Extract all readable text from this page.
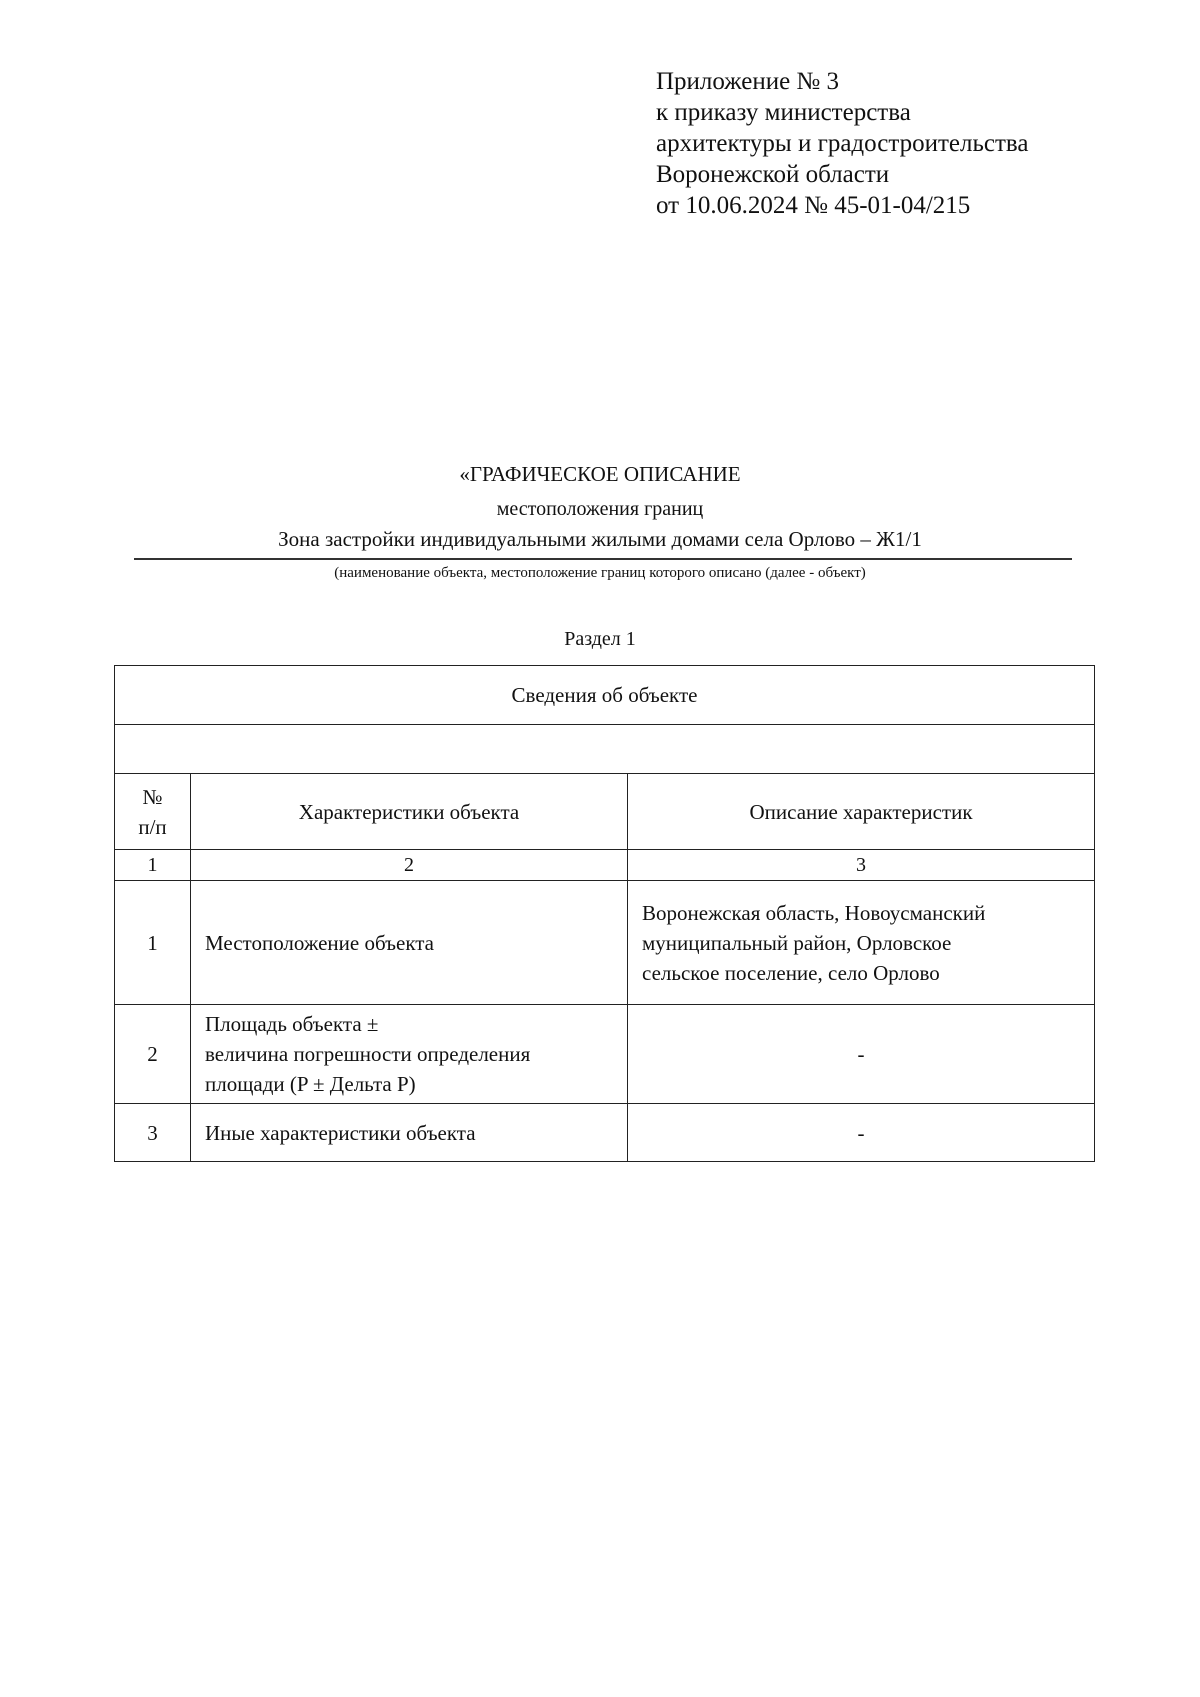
Приложение № 3
к приказу министерства
архитектуры и градостроительства
Воронежской области
от 10.06.2024 № 45-01-04/215
«ГРАФИЧЕСКОЕ ОПИСАНИЕ
местоположения границ
Зона застройки индивидуальными жилыми домами села Орлово – Ж1/1
(наименование объекта, местоположение границ которого описано (далее - объект)
Раздел 1
Сведения об объекте		

№
п/п	Характеристики объекта	Описание характеристик
1	2	3
1	Местоположение объекта	Воронежская область, Новоусманский
муниципальный район, Орловское
сельское поселение, село Орлово

2	Площадь объекта ±
величина погрешности определения
площади (P ± Дельта P)	-

3	Иные характеристики объекта	-
